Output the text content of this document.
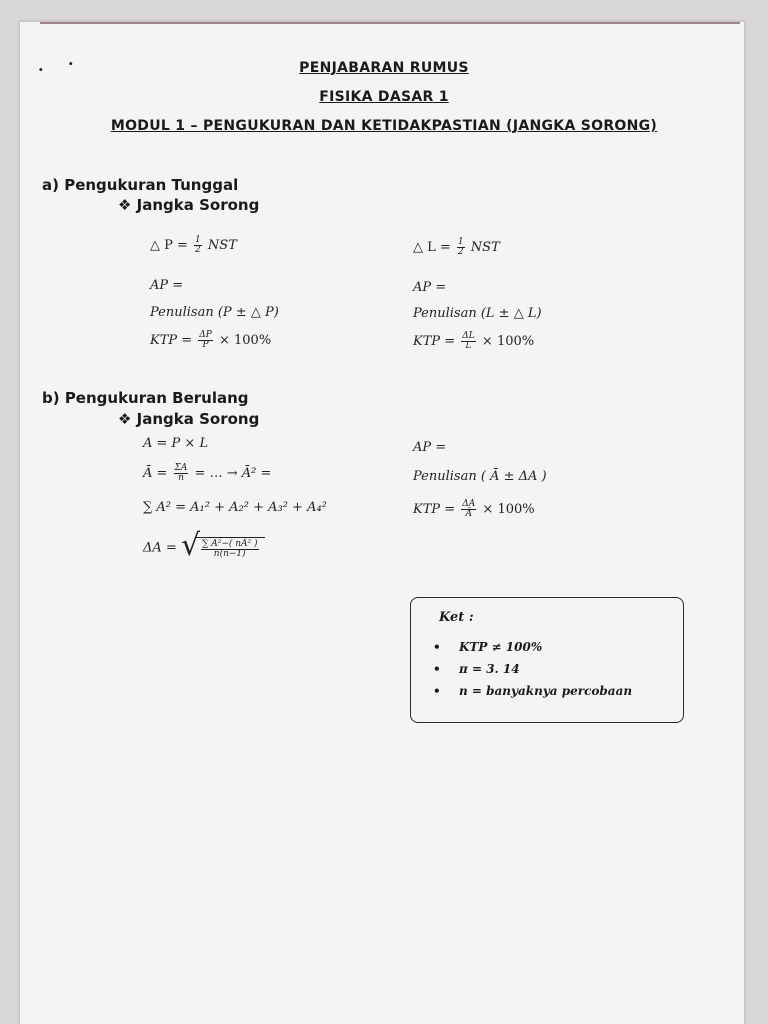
· ·	PENJABARAN RUMUS
FISIKA DASAR 1
MODUL 1 – PENGUKURAN DAN KETIDAKPASTIAN (JANGKA SORONG)
a) Pengukuran Tunggal
❖ Jangka Sorong
△ $P = \frac{1}{2}$ NST
AP =
Penulisan (P ± △ P)
KTP = $\frac{\Delta P}{P} \times 100\%$
△ $L = \frac{1}{2}$ NST
AP =
Penulisan (L ± △ L)
KTP = $\frac{\Delta L}{L} \times 100\%$
b) Pengukuran Berulang
❖ Jangka Sorong
A = P × L
Ā = $\frac{\Sigma A}{n}$ = … → Ā² =
∑ A² = A₁² + A₂² + A₃² + A₄²
ΔA = √ $\frac{\text{∑ A²−( nĀ² )}}{n(n-1)}$
AP =
Penulisan ( Ā ± ΔA )
KTP = $\frac{\Delta A}{Ā} \times 100\%$
Ket :
• KTP ≠ 100%
• π = 3. 14
• n = banyaknya percobaan
